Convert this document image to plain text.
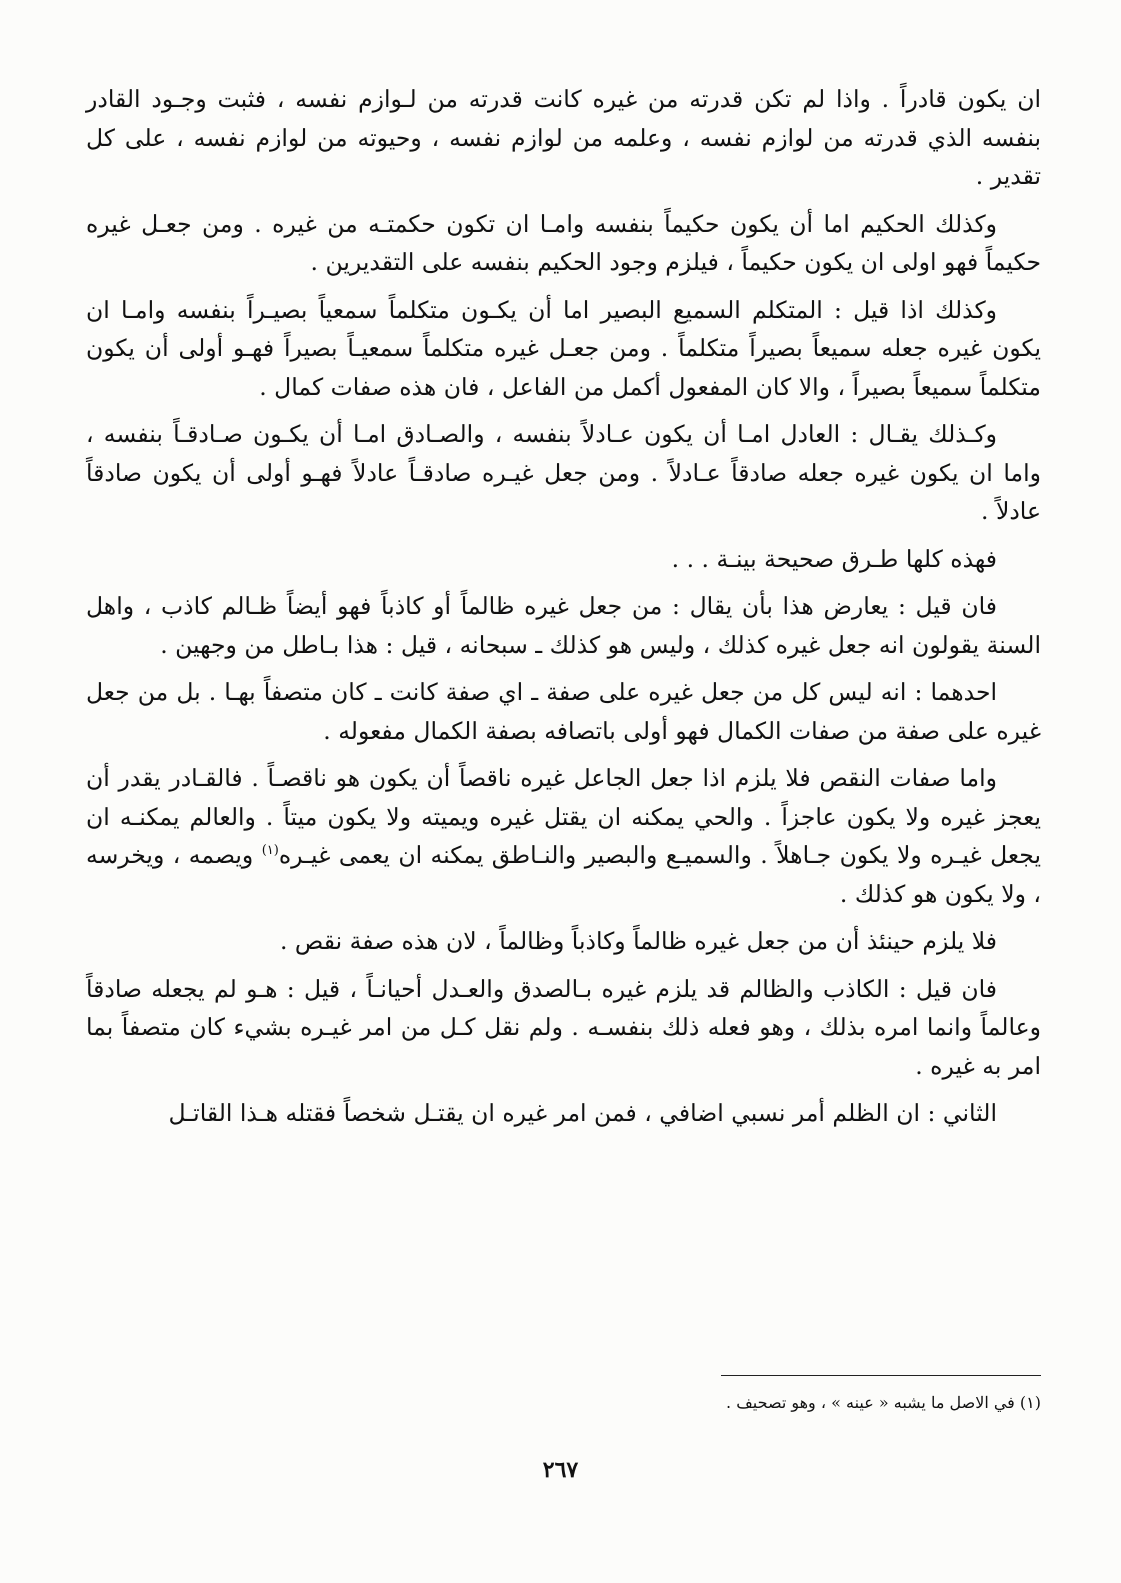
ان يكون قادراً . واذا لم تكن قدرته من غيره كانت قدرته من لـوازم نفسه ، فثبت وجـود القادر بنفسه الذي قدرته من لوازم نفسه ، وعلمه من لوازم نفسه ، وحيوته من لوازم نفسه ، على كل تقدير .

وكذلك الحكيم اما أن يكون حكيماً بنفسه وامـا ان تكون حكمتـه من غيره . ومن جعـل غيره حكيماً فهو اولى ان يكون حكيماً ، فيلزم وجود الحكيم بنفسه على التقديرين .

وكذلك اذا قيل : المتكلم السميع البصير اما أن يكـون متكلماً سمعياً بصيـراً بنفسه وامـا ان يكون غيره جعله سميعاً بصيراً متكلماً . ومن جعـل غيره متكلماً سمعيـاً بصيراً فهـو أولى أن يكون متكلماً سميعاً بصيراً ، والا كان المفعول أكمل من الفاعل ، فان هذه صفات كمال .

وكـذلك يقـال : العادل امـا أن يكون عـادلاً بنفسه ، والصـادق امـا أن يكـون صـادقـاً بنفسه ، واما ان يكون غيره جعله صادقاً عـادلاً . ومن جعل غيـره صادقـاً عادلاً فهـو أولى أن يكون صادقاً عادلاً .

فهذه كلها طـرق صحيحة بينـة . . .

فان قيل : يعارض هذا بأن يقال : من جعل غيره ظالماً أو كاذباً فهو أيضاً ظـالم كاذب ، واهل السنة يقولون انه جعل غيره كذلك ، وليس هو كذلك ـ سبحانه ، قيل : هذا بـاطل من وجهين .

احدهما : انه ليس كل من جعل غيره على صفة ـ اي صفة كانت ـ كان متصفاً بهـا . بل من جعل غيره على صفة من صفات الكمال فهو أولى باتصافه بصفة الكمال مفعوله .

واما صفات النقص فلا يلزم اذا جعل الجاعل غيره ناقصاً أن يكون هو ناقصـاً . فالقـادر يقدر أن يعجز غيره ولا يكون عاجزاً . والحي يمكنه ان يقتل غيره ويميته ولا يكون ميتاً . والعالم يمكنـه ان يجعل غيـره ولا يكون جـاهلاً . والسميـع والبصير والنـاطق يمكنه ان يعمى غيـره$^{(١)}$ ويصمه ، ويخرسه ، ولا يكون هو كذلك .

فلا يلزم حينئذ أن من جعل غيره ظالماً وكاذباً وظالماً ، لان هذه صفة نقص .

فان قيل : الكاذب والظالم قد يلزم غيره بـالصدق والعـدل أحيانـاً ، قيل : هـو لم يجعله صادقاً وعالماً وانما امره بذلك ، وهو فعله ذلك بنفسـه . ولم نقل كـل من امر غيـره بشيء كان متصفاً بما امر به غيره .

الثاني : ان الظلم أمر نسبي اضافي ، فمن امر غيره ان يقتـل شخصاً فقتله هـذا القاتـل

(١) في الاصل ما يشبه « عينه » ، وهو تصحيف .

٢٦٧
